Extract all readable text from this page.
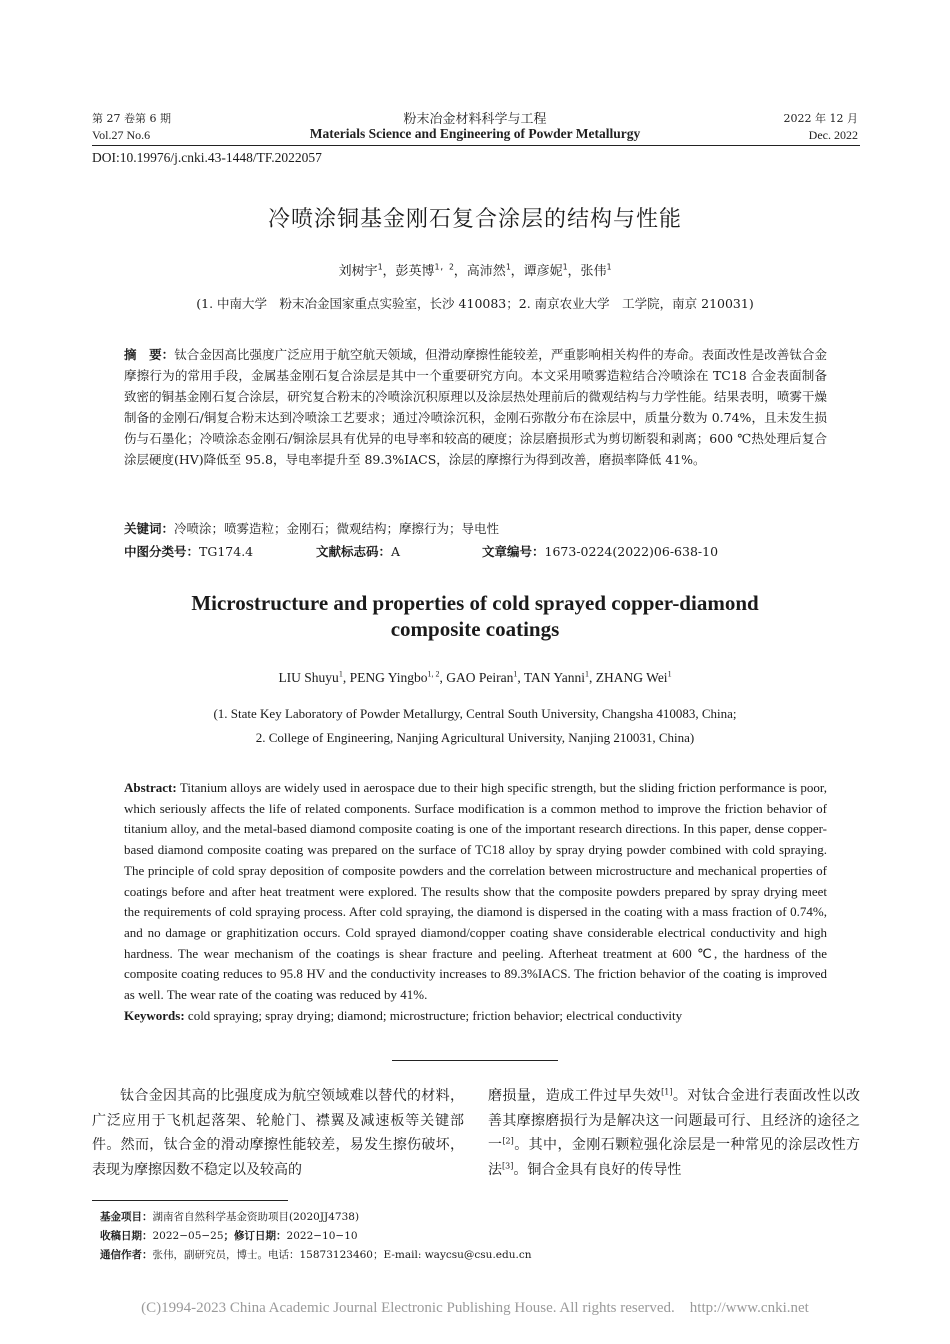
第 27 卷第 6 期	粉末冶金材料科学与工程	2022 年 12 月
Vol.27 No.6	Materials Science and Engineering of Powder Metallurgy	Dec. 2022
DOI:10.19976/j.cnki.43-1448/TF.2022057
冷喷涂铜基金刚石复合涂层的结构与性能
刘树宇$^1$，彭英博$^{1, 2}$，高沛然$^1$，谭彦妮$^1$，张伟$^1$
(1. 中南大学　粉末冶金国家重点实验室，长沙 410083；2. 南京农业大学　工学院，南京 210031)
摘　要：钛合金因高比强度广泛应用于航空航天领域，但滑动摩擦性能较差，严重影响相关构件的寿命。表面改性是改善钛合金摩擦行为的常用手段，金属基金刚石复合涂层是其中一个重要研究方向。本文采用喷雾造粒结合冷喷涂在 TC18 合金表面制备致密的铜基金刚石复合涂层，研究复合粉末的冷喷涂沉积原理以及涂层热处理前后的微观结构与力学性能。结果表明，喷雾干燥制备的金刚石/铜复合粉末达到冷喷涂工艺要求；通过冷喷涂沉积，金刚石弥散分布在涂层中，质量分数为 0.74%，且未发生损伤与石墨化；冷喷涂态金刚石/铜涂层具有优异的电导率和较高的硬度；涂层磨损形式为剪切断裂和剥离；600 ℃热处理后复合涂层硬度(HV)降低至 95.8，导电率提升至 89.3%IACS，涂层的摩擦行为得到改善，磨损率降低 41%。
关键词：冷喷涂；喷雾造粒；金刚石；微观结构；摩擦行为；导电性
中图分类号：TG174.4	文献标志码：A	文章编号：1673-0224(2022)06-638-10
Microstructure and properties of cold sprayed copper-diamond
composite coatings
LIU Shuyu$^1$, PENG Yingbo$^{1, 2}$, GAO Peiran$^1$, TAN Yanni$^1$, ZHANG Wei$^1$
(1. State Key Laboratory of Powder Metallurgy, Central South University, Changsha 410083, China;
2. College of Engineering, Nanjing Agricultural University, Nanjing 210031, China)
Abstract: Titanium alloys are widely used in aerospace due to their high specific strength, but the sliding friction performance is poor, which seriously affects the life of related components. Surface modification is a common method to improve the friction behavior of titanium alloy, and the metal-based diamond composite coating is one of the important research directions. In this paper, dense copper-based diamond composite coating was prepared on the surface of TC18 alloy by spray drying powder combined with cold spraying. The principle of cold spray deposition of composite powders and the correlation between microstructure and mechanical properties of coatings before and after heat treatment were explored. The results show that the composite powders prepared by spray drying meet the requirements of cold spraying process. After cold spraying, the diamond is dispersed in the coating with a mass fraction of 0.74%, and no damage or graphitization occurs. Cold sprayed diamond/copper coating shave considerable electrical conductivity and high hardness. The wear mechanism of the coatings is shear fracture and peeling. Afterheat treatment at 600 ℃, the hardness of the composite coating reduces to 95.8 HV and the conductivity increases to 89.3%IACS. The friction behavior of the coating is improved as well. The wear rate of the coating was reduced by 41%.
Keywords: cold spraying; spray drying; diamond; microstructure; friction behavior; electrical conductivity
钛合金因其高的比强度成为航空领域难以替代的材料，广泛应用于飞机起落架、轮舱门、襟翼及减速板等关键部件。然而，钛合金的滑动摩擦性能较差，易发生擦伤破坏，表现为摩擦因数不稳定以及较高的
磨损量，造成工件过早失效[1]。对钛合金进行表面改性以改善其摩擦磨损行为是解决这一问题最可行、且经济的途径之一[2]。其中，金刚石颗粒强化涂层是一种常见的涂层改性方法[3]。铜合金具有良好的传导性
基金项目：湖南省自然科学基金资助项目(2020JJ4738)
收稿日期：2022−05−25；修订日期：2022−10−10
通信作者：张伟，副研究员，博士。电话：15873123460；E-mail: waycsu@csu.edu.cn
(C)1994-2023 China Academic Journal Electronic Publishing House. All rights reserved.　http://www.cnki.net
